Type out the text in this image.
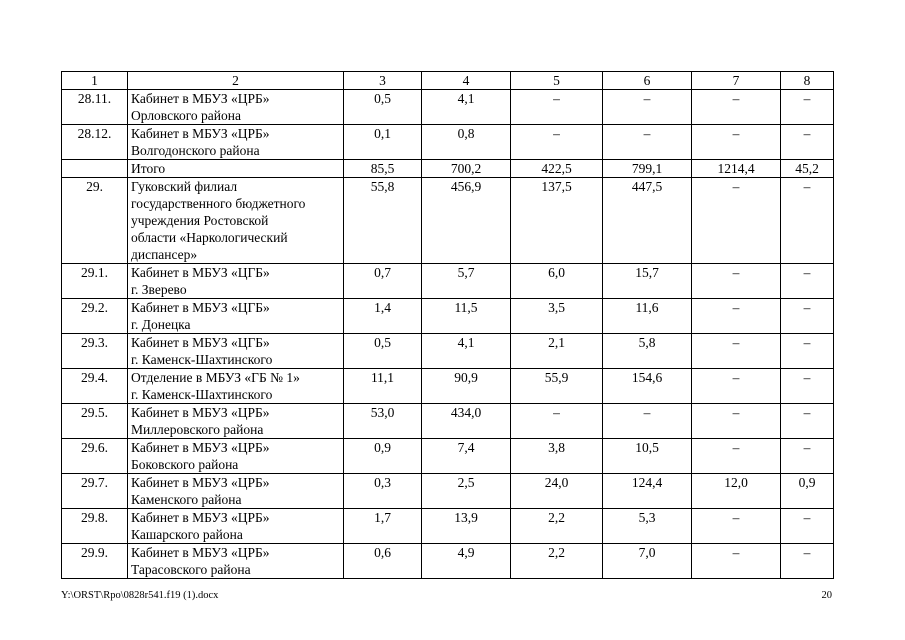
1	2	3	4	5	6	7	8
28.11.	Кабинет в МБУЗ «ЦРБ»
Орловского района	0,5	4,1	–	–	–	–
28.12.	Кабинет в МБУЗ «ЦРБ»
Волгодонского района	0,1	0,8	–	–	–	–

	Итого	85,5	700,2	422,5	799,1	1214,4	45,2
29.	Гуковский филиал
государственного бюджетного
учреждения Ростовской
области «Наркологический
диспансер»	55,8	456,9	137,5	447,5	–	–
29.1.	Кабинет в МБУЗ «ЦГБ»
г. Зверево	0,7	5,7	6,0	15,7	–	–
29.2.	Кабинет в МБУЗ «ЦГБ»
г. Донецка	1,4	11,5	3,5	11,6	–	–
29.3.	Кабинет в МБУЗ «ЦГБ»
г. Каменск-Шахтинского	0,5	4,1	2,1	5,8	–	–
29.4.	Отделение в МБУЗ «ГБ № 1»
г. Каменск-Шахтинского	11,1	90,9	55,9	154,6	–	–
29.5.	Кабинет в МБУЗ «ЦРБ»
Миллеровского района	53,0	434,0	–	–	–	–
29.6.	Кабинет в МБУЗ «ЦРБ»
Боковского района	0,9	7,4	3,8	10,5	–	–
29.7.	Кабинет в МБУЗ «ЦРБ»
Каменского района	0,3	2,5	24,0	124,4	12,0	0,9
29.8.	Кабинет в МБУЗ «ЦРБ»
Кашарского района	1,7	13,9	2,2	5,3	–	–
29.9.	Кабинет в МБУЗ «ЦРБ»
Тарасовского района	0,6	4,9	2,2	7,0	–	–
Y:\ORST\Rpo\0828r541.f19 (1).docx	20
